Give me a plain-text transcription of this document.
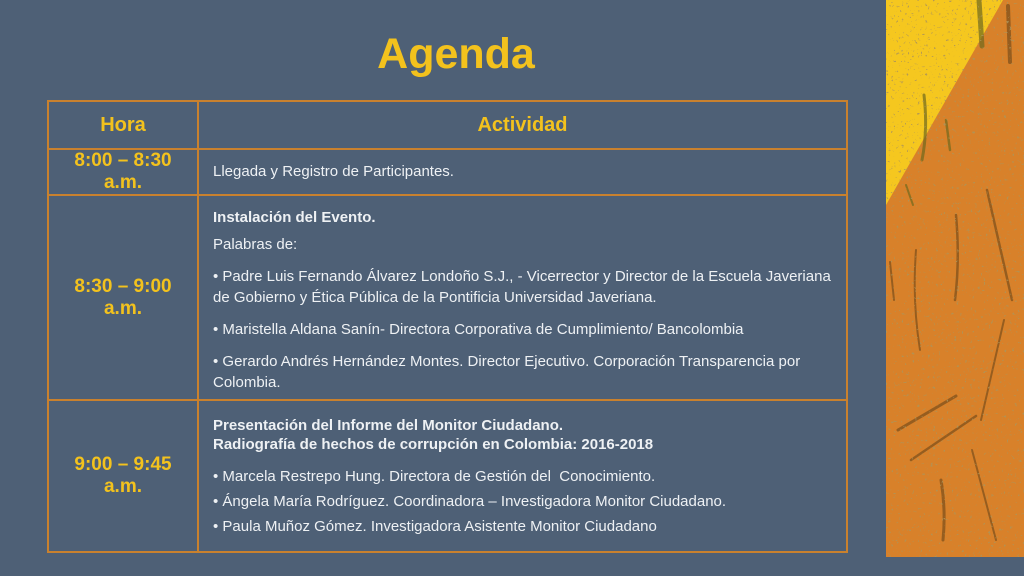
Agenda
Hora	Actividad
8:00 – 8:30 a.m.	Llegada y Registro de Participantes.

8:30 – 9:00 a.m.	Instalación del Evento.

Palabras de:

• Padre Luis Fernando Álvarez Londoño S.J., - Vicerrector y Director de la Escuela Javeriana de Gobierno y Ética Pública de la Pontificia Universidad Javeriana.

• Maristella Aldana Sanín- Directora Corporativa de Cumplimiento/ Bancolombia

• Gerardo Andrés Hernández Montes. Director Ejecutivo. Corporación Transparencia por Colombia.

9:00 – 9:45 a.m.	Presentación del Informe del Monitor Ciudadano.

Radiografía de hechos de corrupción en Colombia: 2016-2018

• Marcela Restrepo Hung. Directora de Gestión del  Conocimiento.

• Ángela María Rodríguez. Coordinadora – Investigadora Monitor Ciudadano.

• Paula Muñoz Gómez. Investigadora Asistente Monitor Ciudadano
